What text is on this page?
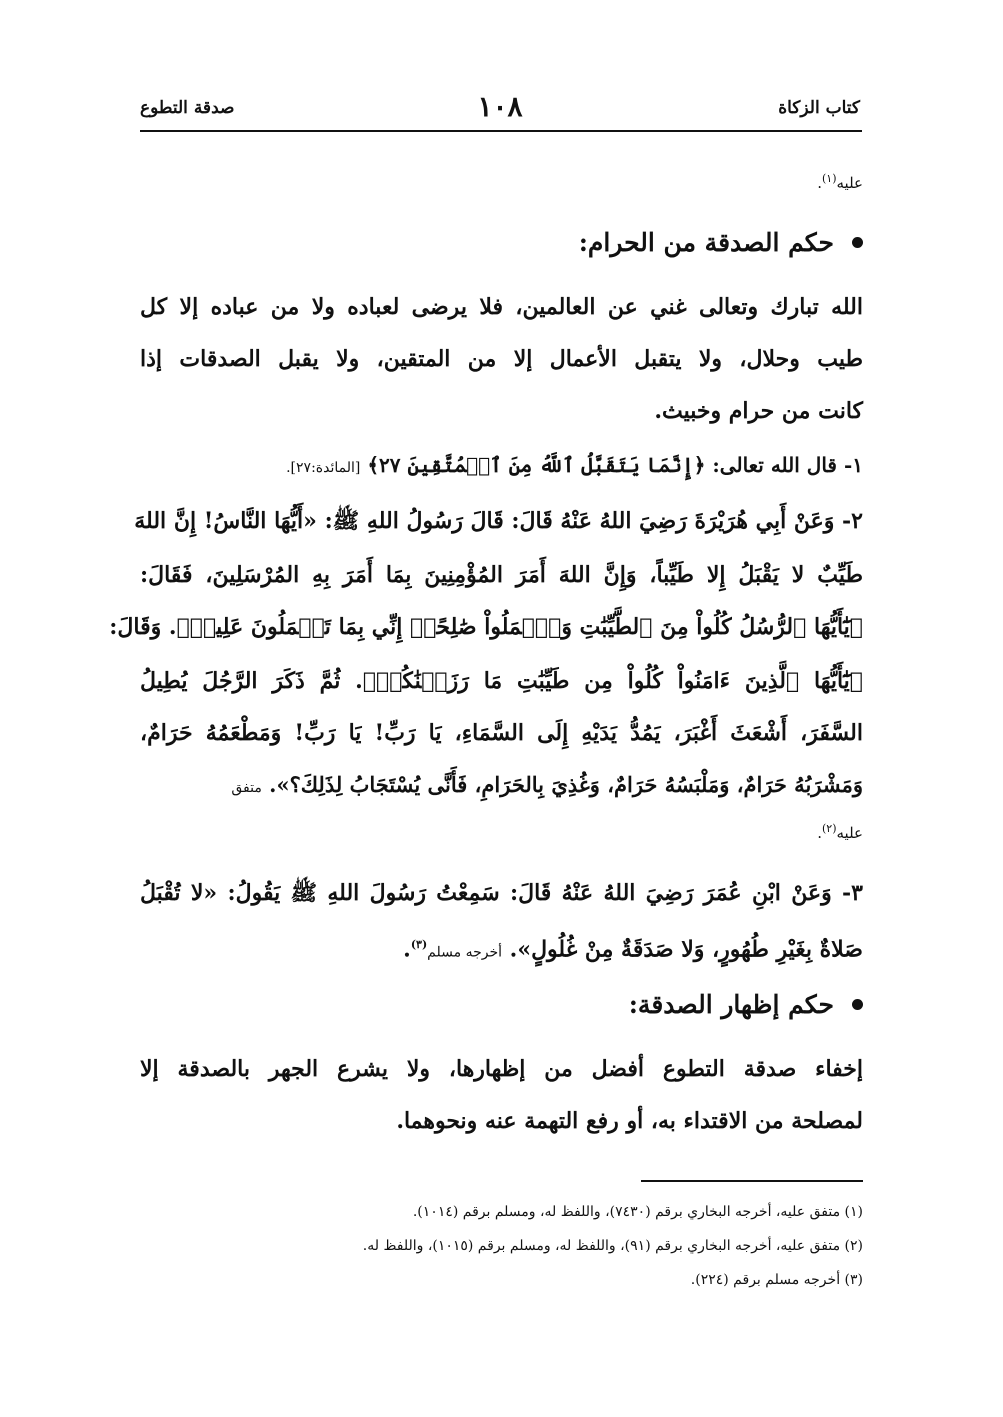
كتاب الزكاة
١٠٨
صدقة التطوع
عليه$^{(١)}$.
حكم الصدقة من الحرام:
الله تبارك وتعالى غني عن العالمين، فلا يرضى لعباده ولا من عباده إلا كل
طيب وحلال، ولا يتقبل الأعمال إلا من المتقين، ولا يقبل الصدقات إذا
كانت من حرام وخبيث.
١- قال الله تعالى: ﴿إِنَّمَا يَتَقَبَّلُ ٱللَّهُ مِنَ ٱلۡمُتَّقِينَ ٢٧﴾ [المائدة:٢٧].
٢- وَعَنْ أَبِي هُرَيْرَةَ رَضِيَ اللهُ عَنْهُ قَالَ: قَالَ رَسُولُ اللهِ ﷺ: «أَيُّهَا النَّاسُ! إِنَّ اللهَ
طَيِّبٌ لا يَقْبَلُ إِلا طَيِّباً، وَإِنَّ اللهَ أَمَرَ المُؤْمِنِينَ بِمَا أَمَرَ بِهِ المُرْسَلِينَ، فَقَالَ:
﴿يَٰٓأَيُّهَا ٱلرُّسُلُ كُلُواْ مِنَ ٱلطَّيِّبَٰتِ وَٱعۡمَلُواْ صَٰلِحًاۖ إِنِّي بِمَا تَعۡمَلُونَ عَلِيمٞ﴾. وَقَالَ:
﴿يَٰٓأَيُّهَا ٱلَّذِينَ ءَامَنُواْ كُلُواْ مِن طَيِّبَٰتِ مَا رَزَقۡنَٰكُمۡ﴾. ثُمَّ ذَكَرَ الرَّجُلَ يُطِيلُ
السَّفَرَ، أَشْعَثَ أَغْبَرَ، يَمُدُّ يَدَيْهِ إِلَى السَّمَاءِ، يَا رَبِّ! يَا رَبِّ! وَمَطْعَمُهُ حَرَامٌ،
وَمَشْرَبُهُ حَرَامٌ، وَمَلْبَسُهُ حَرَامٌ، وَغُذِيَ بِالحَرَامِ، فَأَنَّى يُسْتَجَابُ لِذَلِكَ؟». متفق
عليه$^{(٢)}$.
٣- وَعَنْ ابْنِ عُمَرَ رَضِيَ اللهُ عَنْهُ قَالَ: سَمِعْتُ رَسُولَ اللهِ ﷺ يَقُولُ: «لا تُقْبَلُ
صَلاةٌ بِغَيْرِ طُهُورٍ، وَلا صَدَقَةٌ مِنْ غُلُولٍ». أخرجه مسلم$^{(٣)}$.
حكم إظهار الصدقة:
إخفاء صدقة التطوع أفضل من إظهارها، ولا يشرع الجهر بالصدقة إلا
لمصلحة من الاقتداء به، أو رفع التهمة عنه ونحوهما.
(١) متفق عليه، أخرجه البخاري برقم (٧٤٣٠)، واللفظ له، ومسلم برقم (١٠١٤).
(٢) متفق عليه، أخرجه البخاري برقم (٩١)، واللفظ له، ومسلم برقم (١٠١٥)، واللفظ له.
(٣) أخرجه مسلم برقم (٢٢٤).
